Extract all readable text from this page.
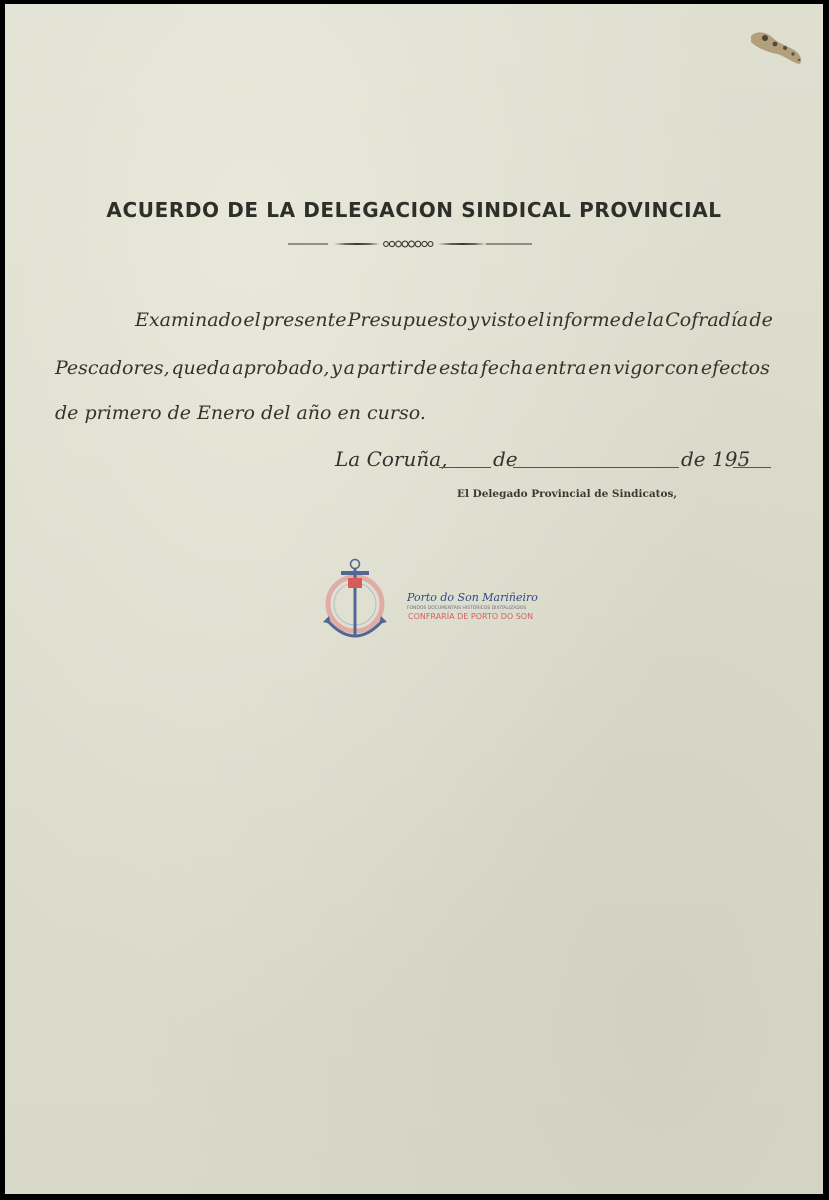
ACUERDO DE LA DELEGACION SINDICAL PROVINCIAL
Examinado el presente Presupuesto y visto el informe de la Cofradía de
Pescadores, queda aprobado, y a partir de esta fecha entra en vigor con efectos
de primero de Enero del año en curso.
La Coruña, de	de 195
El Delegado Provincial de Sindicatos,
Porto do Son Mariñeiro
FONDOS DOCUMENTAIS HISTÓRICOS DIXITALIZADOS
CONFRARÍA DE PORTO DO SON
